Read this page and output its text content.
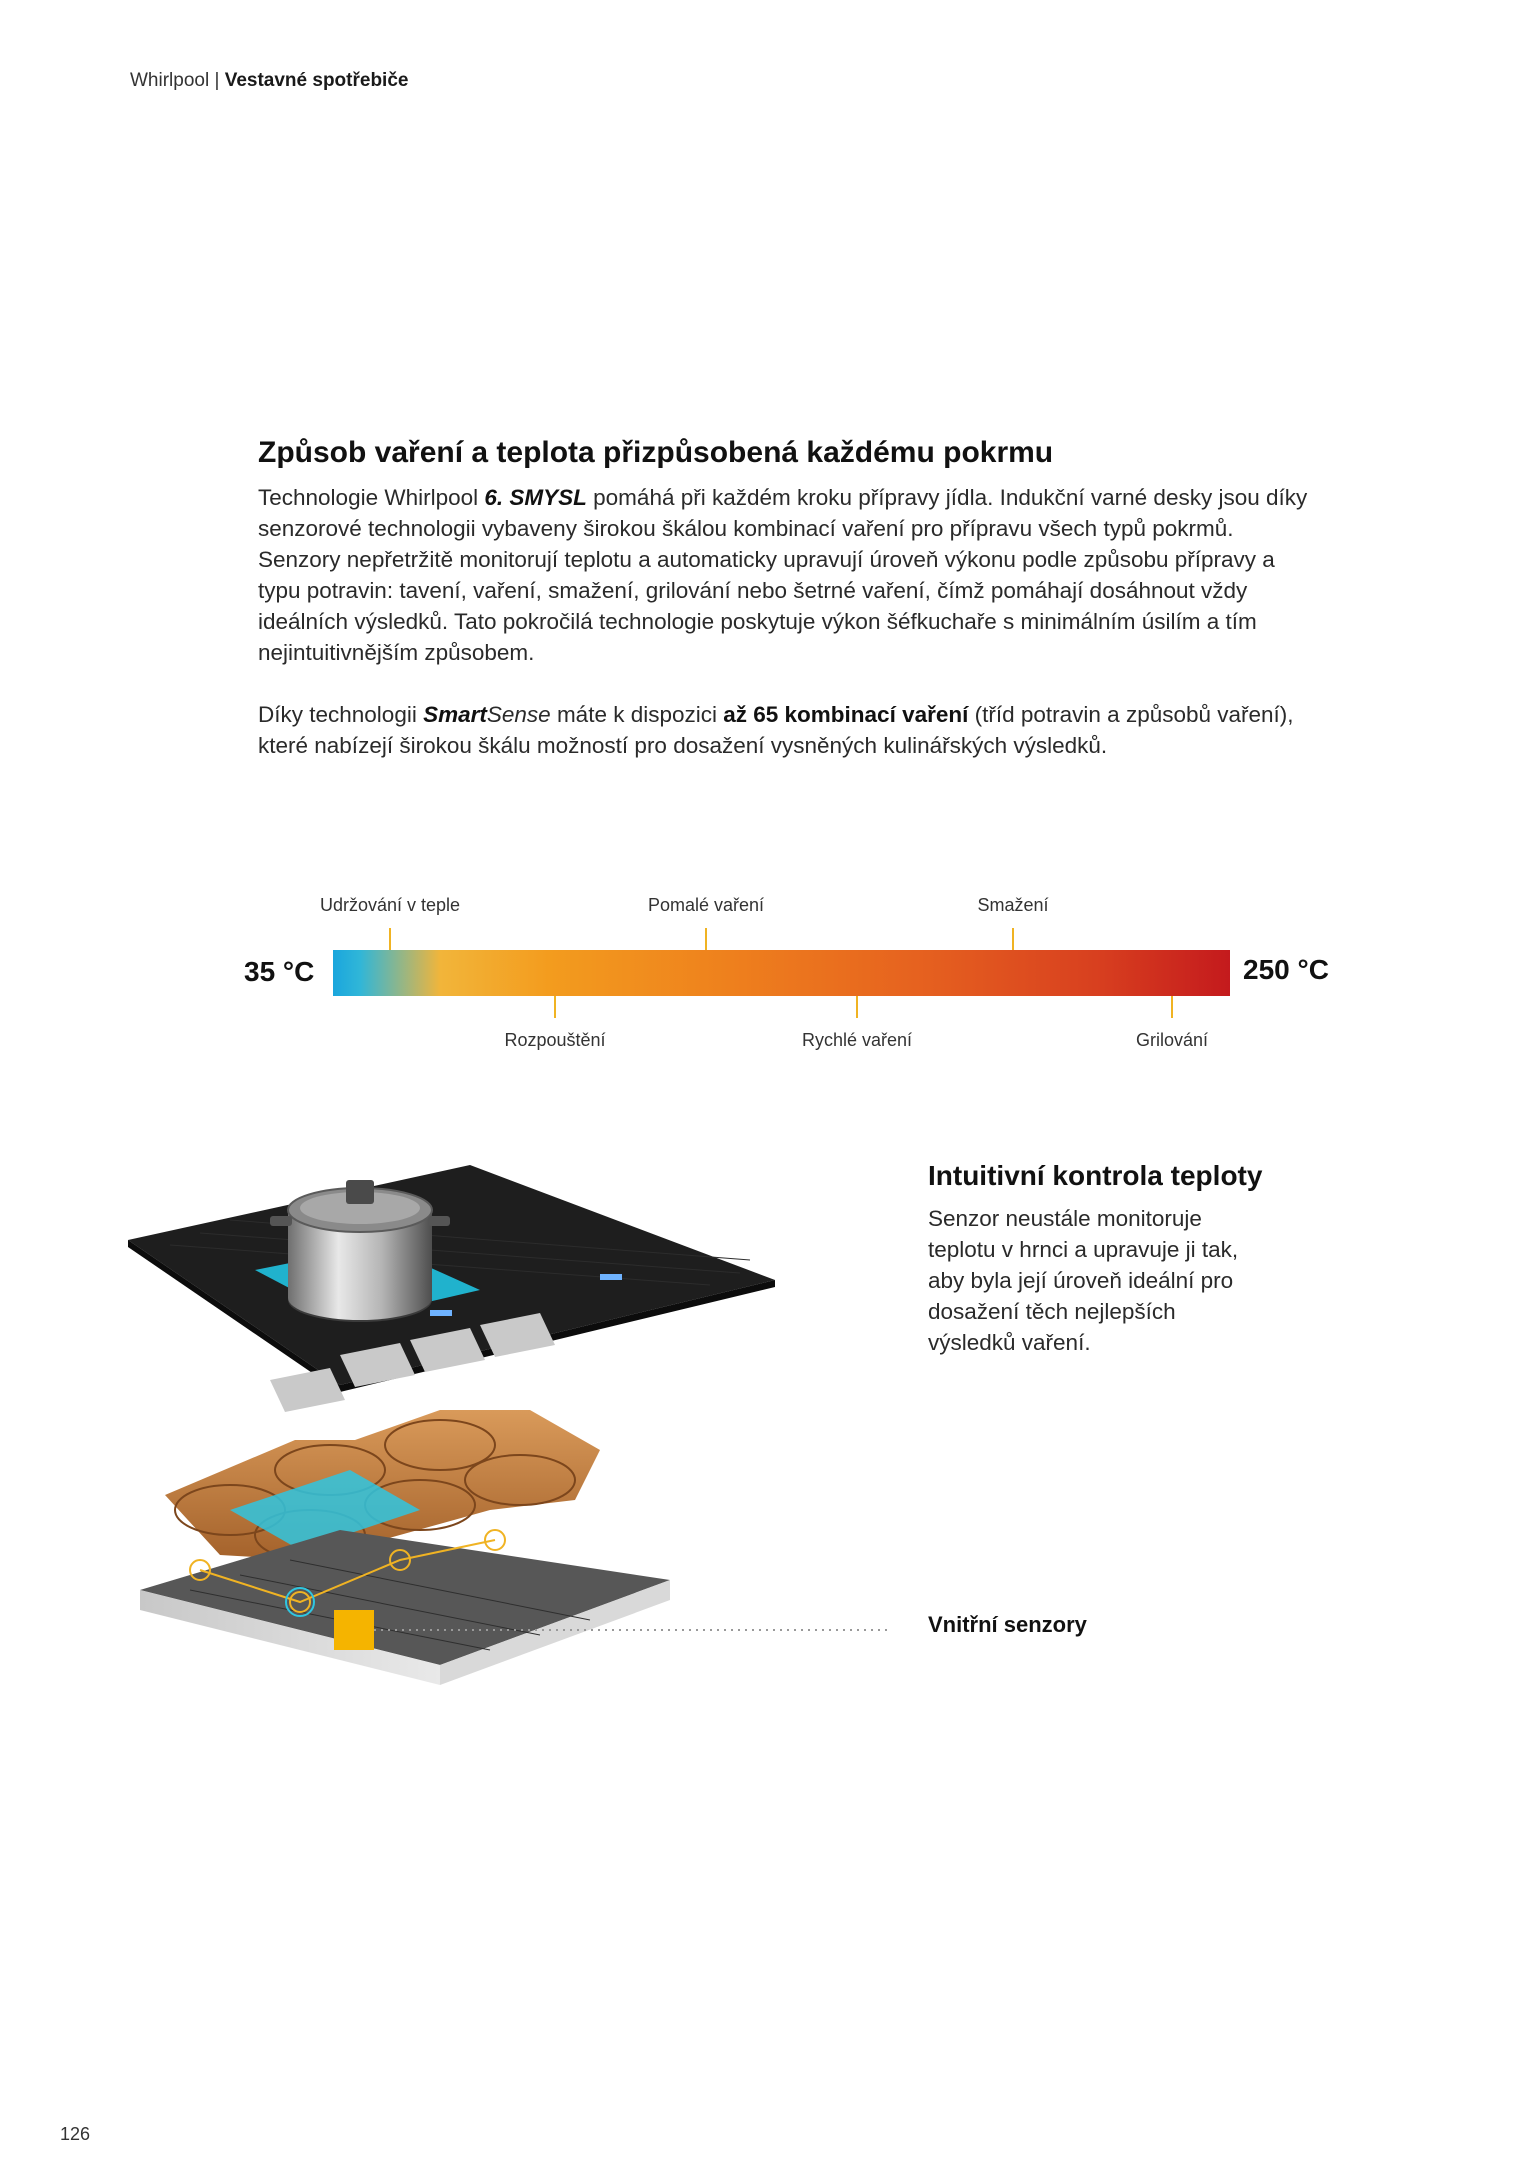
Whirlpool | Vestavné spotřebiče
Způsob vaření a teplota přizpůsobená každému pokrmu

Technologie Whirlpool 6. SMYSL pomáhá při každém kroku přípravy jídla. Indukční varné desky jsou díky senzorové technologii vybaveny širokou škálou kombinací vaření pro přípravu všech typů pokrmů. Senzory nepřetržitě monitorují teplotu a automaticky upravují úroveň výkonu podle způsobu přípravy a typu potravin: tavení, vaření, smažení, grilování nebo šetrné vaření, čímž pomáhají dosáhnout vždy ideálních výsledků. Tato pokročilá technologie poskytuje výkon šéfkuchaře s minimálním úsilím a tím nejintuitivnějším způsobem.

Díky technologii SmartSense máte k dispozici až 65 kombinací vaření (tříd potravin a způsobů vaření), které nabízejí širokou škálu možností pro dosažení vysněných kulinářských výsledků.

Udržování v teple	Pomalé vaření	Smažení
35 °C	250 °C
Rozpouštění	Rychlé vaření	Grilování
Intuitivní kontrola teploty
Senzor neustále monitoruje teplotu v hrnci a upravuje ji tak, aby byla její úroveň ideální pro dosažení těch nejlepších výsledků vaření.
Vnitřní senzory
126
